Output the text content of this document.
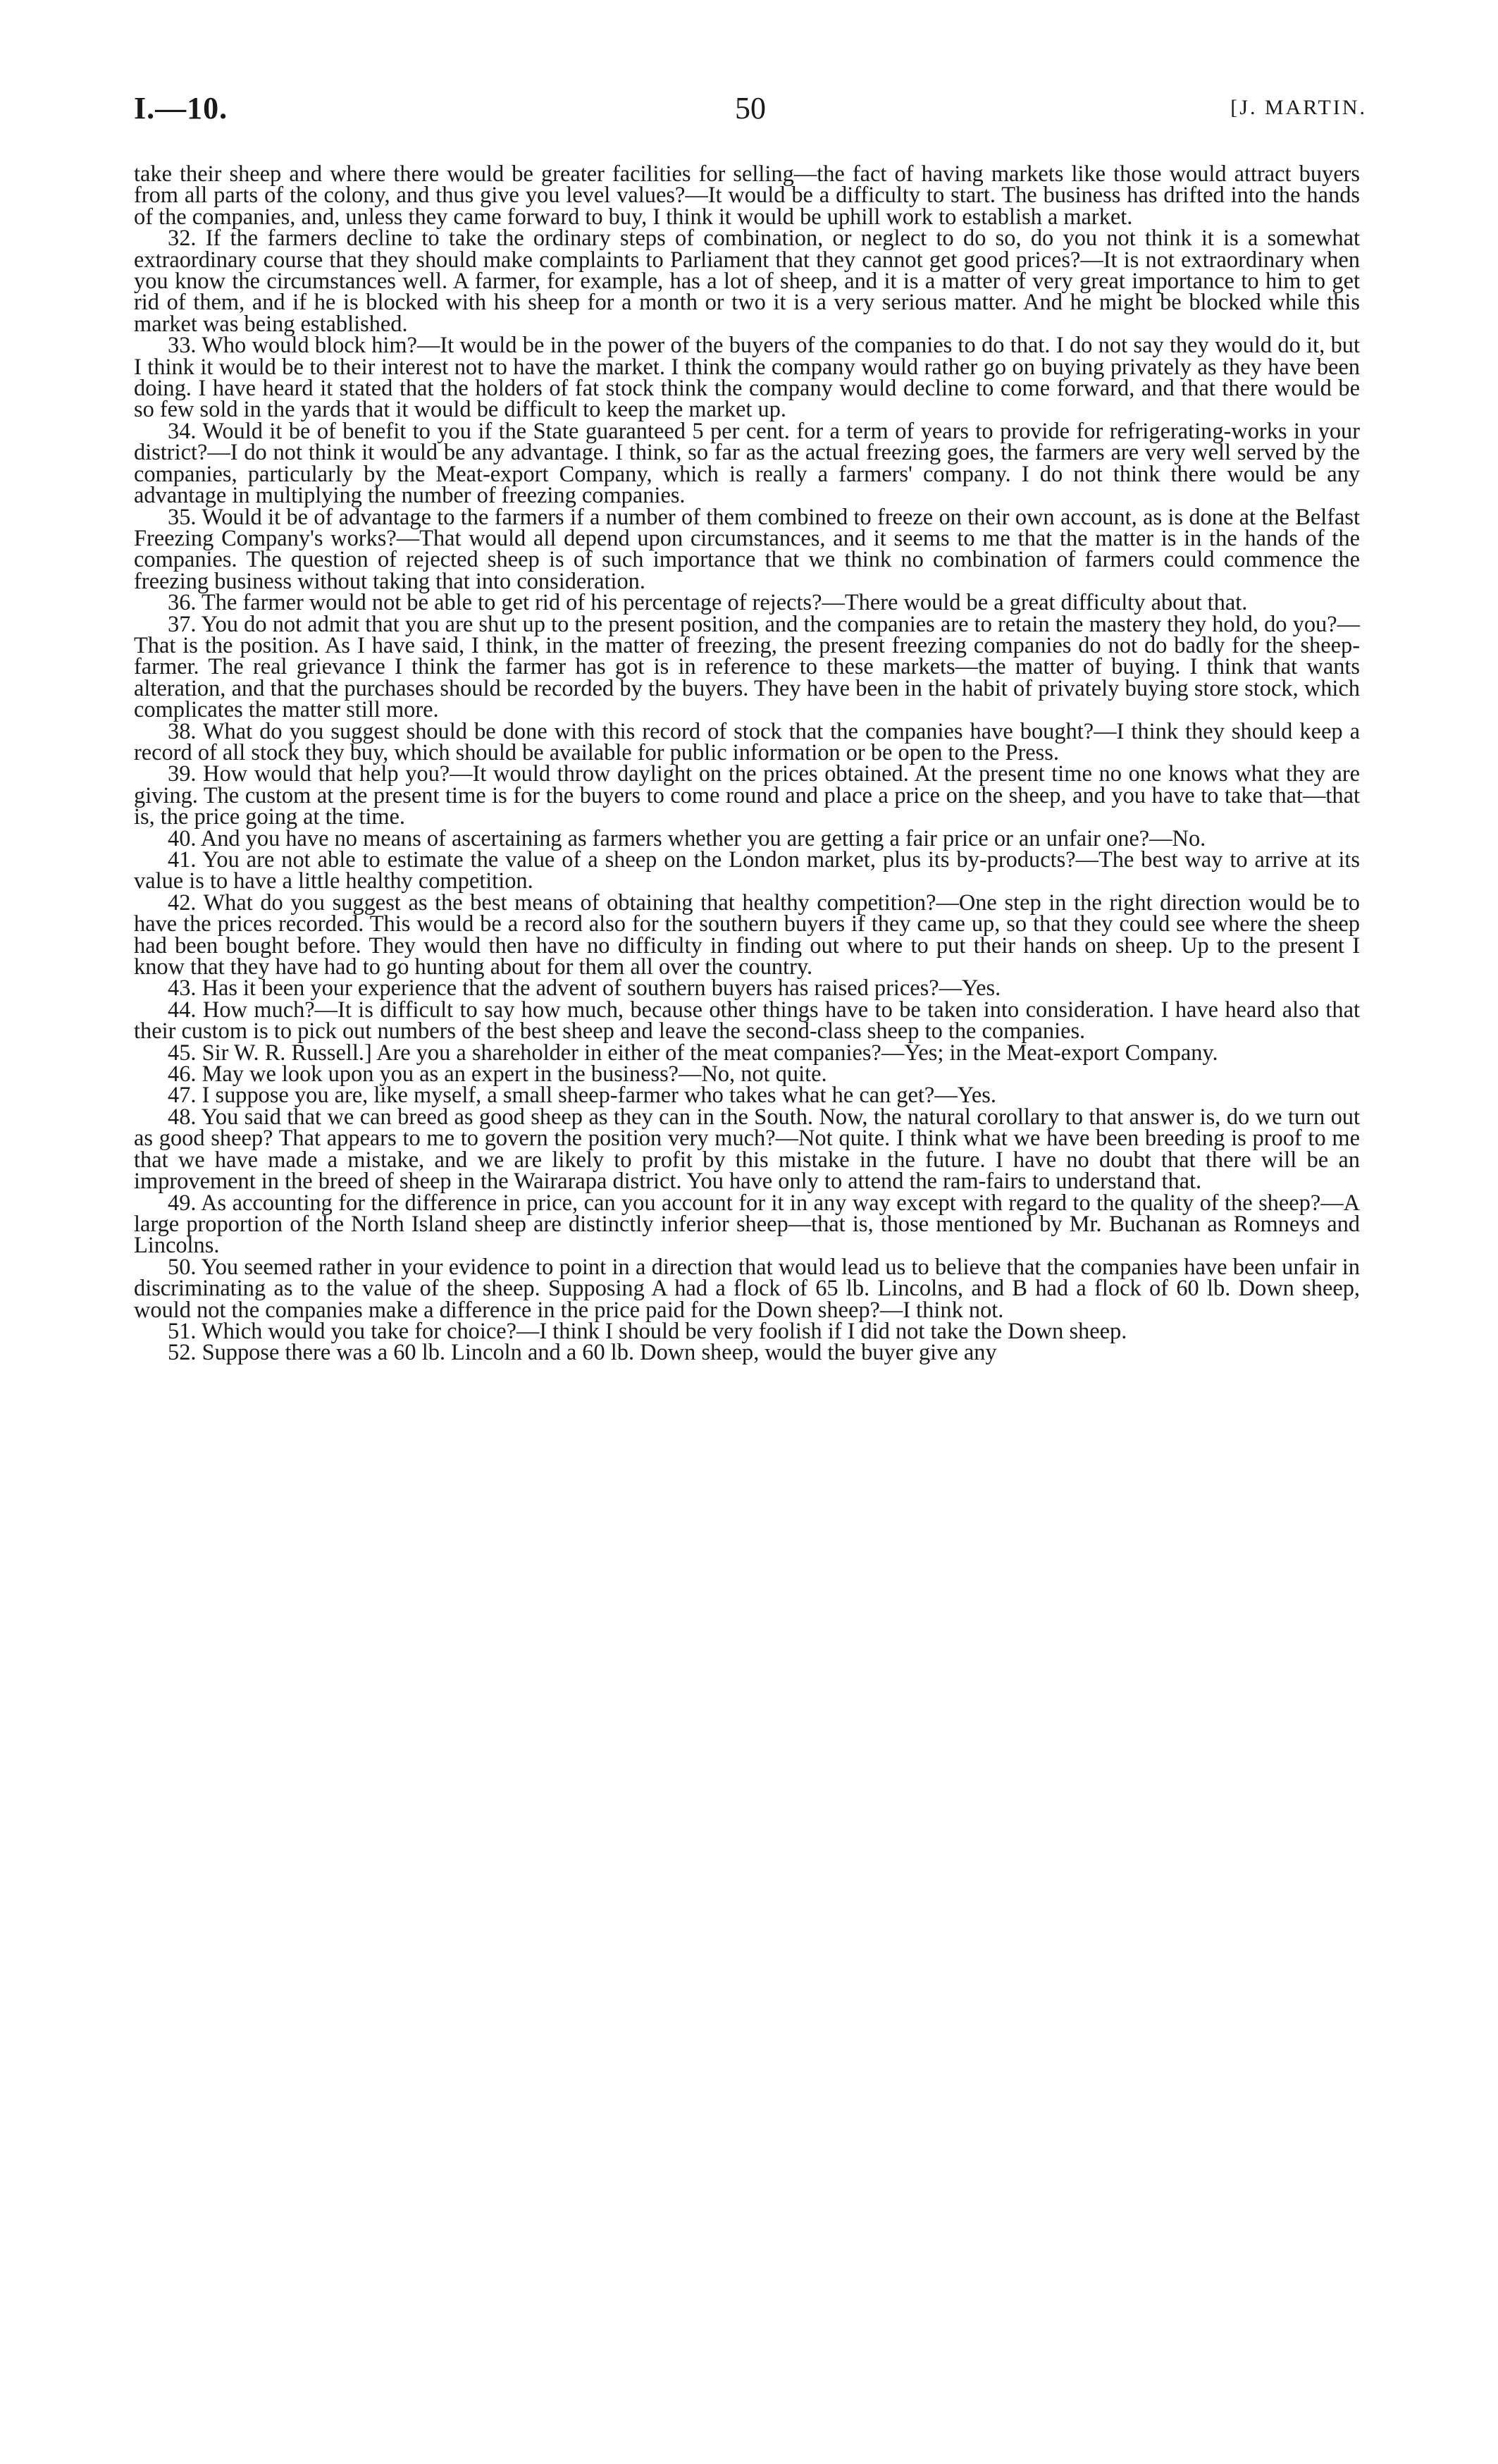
I.—10.	50	[J. MARTIN.

take their sheep and where there would be greater facilities for selling—the fact of having markets like those would attract buyers from all parts of the colony, and thus give you level values?—It would be a difficulty to start. The business has drifted into the hands of the companies, and, unless they came forward to buy, I think it would be uphill work to establish a market.

32. If the farmers decline to take the ordinary steps of combination, or neglect to do so, do you not think it is a somewhat extraordinary course that they should make complaints to Parliament that they cannot get good prices?—It is not extraordinary when you know the circumstances well. A farmer, for example, has a lot of sheep, and it is a matter of very great importance to him to get rid of them, and if he is blocked with his sheep for a month or two it is a very serious matter. And he might be blocked while this market was being established.

33. Who would block him?—It would be in the power of the buyers of the companies to do that. I do not say they would do it, but I think it would be to their interest not to have the market. I think the company would rather go on buying privately as they have been doing. I have heard it stated that the holders of fat stock think the company would decline to come forward, and that there would be so few sold in the yards that it would be difficult to keep the market up.

34. Would it be of benefit to you if the State guaranteed 5 per cent. for a term of years to provide for refrigerating-works in your district?—I do not think it would be any advantage. I think, so far as the actual freezing goes, the farmers are very well served by the companies, particularly by the Meat-export Company, which is really a farmers' company. I do not think there would be any advantage in multiplying the number of freezing companies.

35. Would it be of advantage to the farmers if a number of them combined to freeze on their own account, as is done at the Belfast Freezing Company's works?—That would all depend upon circumstances, and it seems to me that the matter is in the hands of the companies. The question of rejected sheep is of such importance that we think no combination of farmers could commence the freezing business without taking that into consideration.

36. The farmer would not be able to get rid of his percentage of rejects?—There would be a great difficulty about that.

37. You do not admit that you are shut up to the present position, and the companies are to retain the mastery they hold, do you?—That is the position. As I have said, I think, in the matter of freezing, the present freezing companies do not do badly for the sheep-farmer. The real grievance I think the farmer has got is in reference to these markets—the matter of buying. I think that wants alteration, and that the purchases should be recorded by the buyers. They have been in the habit of privately buying store stock, which complicates the matter still more.

38. What do you suggest should be done with this record of stock that the companies have bought?—I think they should keep a record of all stock they buy, which should be available for public information or be open to the Press.

39. How would that help you?—It would throw daylight on the prices obtained. At the present time no one knows what they are giving. The custom at the present time is for the buyers to come round and place a price on the sheep, and you have to take that—that is, the price going at the time.

40. And you have no means of ascertaining as farmers whether you are getting a fair price or an unfair one?—No.

41. You are not able to estimate the value of a sheep on the London market, plus its by-products?—The best way to arrive at its value is to have a little healthy competition.

42. What do you suggest as the best means of obtaining that healthy competition?—One step in the right direction would be to have the prices recorded. This would be a record also for the southern buyers if they came up, so that they could see where the sheep had been bought before. They would then have no difficulty in finding out where to put their hands on sheep. Up to the present I know that they have had to go hunting about for them all over the country.

43. Has it been your experience that the advent of southern buyers has raised prices?—Yes.

44. How much?—It is difficult to say how much, because other things have to be taken into consideration. I have heard also that their custom is to pick out numbers of the best sheep and leave the second-class sheep to the companies.

45. Sir W. R. Russell.] Are you a shareholder in either of the meat companies?—Yes; in the Meat-export Company.

46. May we look upon you as an expert in the business?—No, not quite.

47. I suppose you are, like myself, a small sheep-farmer who takes what he can get?—Yes.

48. You said that we can breed as good sheep as they can in the South. Now, the natural corollary to that answer is, do we turn out as good sheep? That appears to me to govern the position very much?—Not quite. I think what we have been breeding is proof to me that we have made a mistake, and we are likely to profit by this mistake in the future. I have no doubt that there will be an improvement in the breed of sheep in the Wairarapa district. You have only to attend the ram-fairs to understand that.

49. As accounting for the difference in price, can you account for it in any way except with regard to the quality of the sheep?—A large proportion of the North Island sheep are distinctly inferior sheep—that is, those mentioned by Mr. Buchanan as Romneys and Lincolns.

50. You seemed rather in your evidence to point in a direction that would lead us to believe that the companies have been unfair in discriminating as to the value of the sheep. Supposing A had a flock of 65 lb. Lincolns, and B had a flock of 60 lb. Down sheep, would not the companies make a difference in the price paid for the Down sheep?—I think not.

51. Which would you take for choice?—I think I should be very foolish if I did not take the Down sheep.

52. Suppose there was a 60 lb. Lincoln and a 60 lb. Down sheep, would the buyer give any
